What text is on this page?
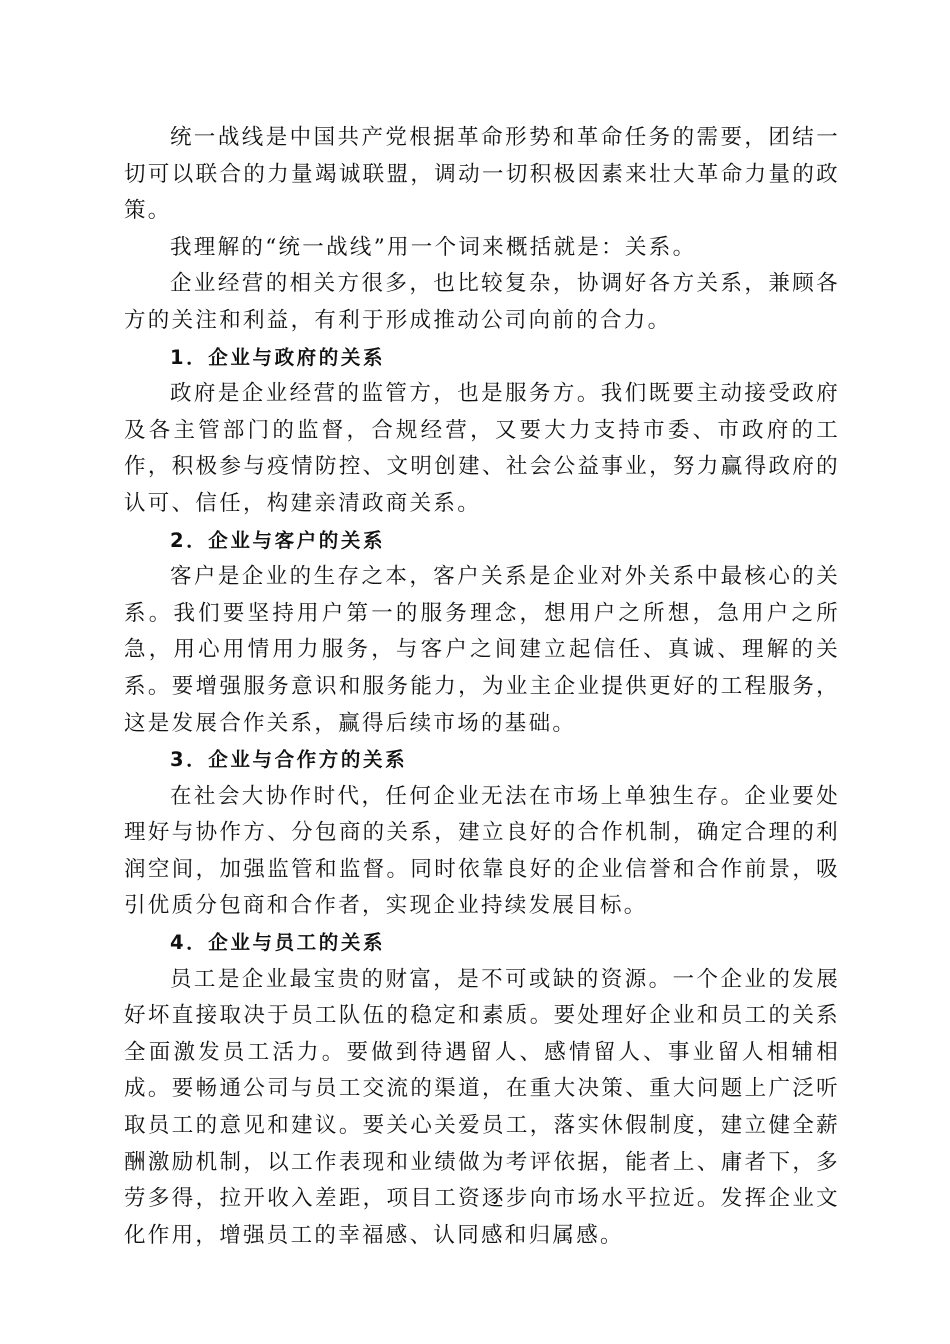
统一战线是中国共产党根据革命形势和革命任务的需要，团结一切可以联合的力量竭诚联盟，调动一切积极因素来壮大革命力量的政策。

我理解的“统一战线”用一个词来概括就是：关系。

企业经营的相关方很多，也比较复杂，协调好各方关系，兼顾各方的关注和利益，有利于形成推动公司向前的合力。

1．企业与政府的关系

政府是企业经营的监管方，也是服务方。我们既要主动接受政府及各主管部门的监督，合规经营，又要大力支持市委、市政府的工作，积极参与疫情防控、文明创建、社会公益事业，努力赢得政府的认可、信任，构建亲清政商关系。

2．企业与客户的关系

客户是企业的生存之本，客户关系是企业对外关系中最核心的关系。我们要坚持用户第一的服务理念，想用户之所想，急用户之所急，用心用情用力服务，与客户之间建立起信任、真诚、理解的关系。要增强服务意识和服务能力，为业主企业提供更好的工程服务，这是发展合作关系，赢得后续市场的基础。

3．企业与合作方的关系

在社会大协作时代，任何企业无法在市场上单独生存。企业要处理好与协作方、分包商的关系，建立良好的合作机制，确定合理的利润空间，加强监管和监督。同时依靠良好的企业信誉和合作前景，吸引优质分包商和合作者，实现企业持续发展目标。

4．企业与员工的关系

员工是企业最宝贵的财富，是不可或缺的资源。一个企业的发展好坏直接取决于员工队伍的稳定和素质。要处理好企业和员工的关系全面激发员工活力。要做到待遇留人、感情留人、事业留人相辅相成。要畅通公司与员工交流的渠道，在重大决策、重大问题上广泛听取员工的意见和建议。要关心关爱员工，落实休假制度，建立健全薪酬激励机制，以工作表现和业绩做为考评依据，能者上、庸者下，多劳多得，拉开收入差距，项目工资逐步向市场水平拉近。发挥企业文化作用，增强员工的幸福感、认同感和归属感。
